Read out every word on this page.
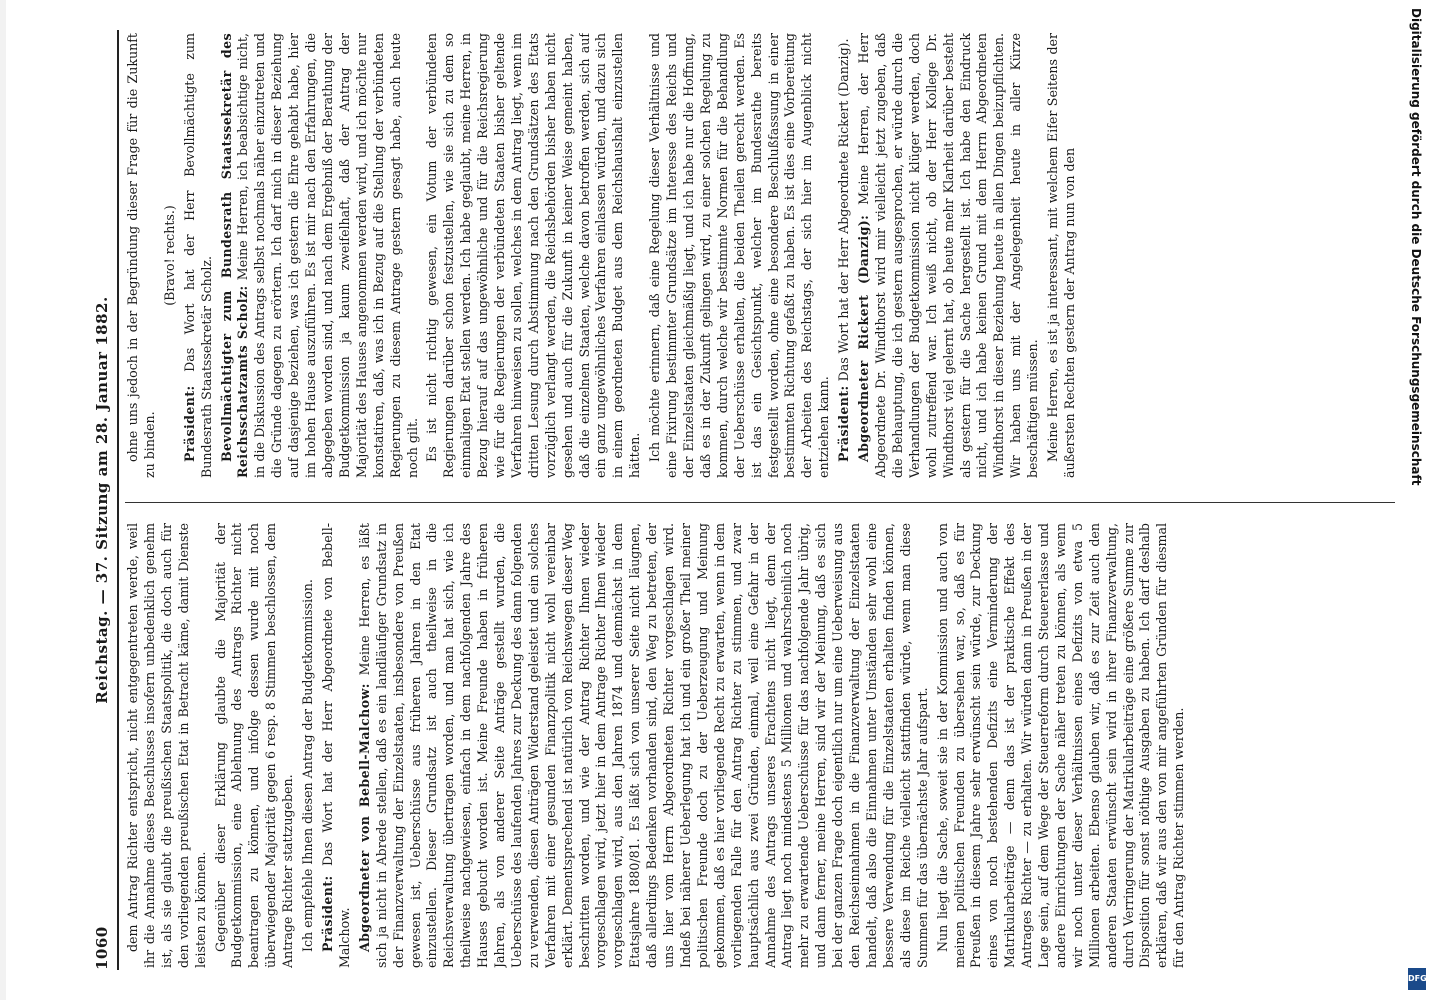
1060
Reichstag. — 37. Sitzung am 28. Januar 1882.

dem Antrag Richter entspricht, nicht entgegentreten werde, weil ihr die Annahme dieses Beschlusses insofern unbedenklich genehm ist, als sie glaubt die preußischen Staatspolitik, die doch auch für den vorliegenden preußischen Etat in Betracht käme, damit Dienste leisten zu können. Gegenüber dieser Erklärung glaubte die Majorität der Budgetkommission, eine Ablehnung des Antrags Richter nicht beantragen zu können, und infolge dessen wurde mit noch überwiegender Majorität gegen 6 resp. 8 Stimmen beschlossen, dem Antrage Richter stattzugeben. Ich empfehle Ihnen diesen Antrag der Budgetkommission. Präsident: Das Wort hat der Herr Abgeordnete von Bebell-Malchow. Abgeordneter von Bebell-Malchow: Meine Herren, es läßt sich ja nicht in Abrede stellen, daß es ein landläufiger Grundsatz in der Finanzverwaltung der Einzelstaaten, insbesondere von Preußen gewesen ist, Ueberschüsse aus früheren Jahren in den Etat einzustellen. Dieser Grundsatz ist auch theilweise in die Reichsverwaltung übertragen worden, und man hat sich, wie ich theilweise nachgewiesen, einfach in dem nachfolgenden Jahre des Hauses gebucht worden ist. Meine Freunde haben in früheren Jahren, als von anderer Seite Anträge gestellt wurden, die Ueberschüsse des laufenden Jahres zur Deckung des dann folgenden zu verwenden, diesen Anträgen Widerstand geleistet und ein solches Verfahren mit einer gesunden Finanzpolitik nicht wohl vereinbar erklärt. Dementsprechend ist natürlich von Reichswegen dieser Weg beschritten worden, und wie der Antrag Richter Ihnen wieder vorgeschlagen wird, jetzt hier in dem Antrage Richter Ihnen wieder vorgeschlagen wird, aus den Jahren 1874 und demnächst in dem Etatsjahre 1880/81. Es läßt sich von unserer Seite nicht läugnen, daß allerdings Bedenken vorhanden sind, den Weg zu betreten, der uns hier vom Herrn Abgeordneten Richter vorgeschlagen wird. Indeß bei näherer Ueberlegung hat ich und ein großer Theil meiner politischen Freunde doch zu der Ueberzeugung und Meinung gekommen, daß es hier vorliegende Recht zu erwarten, wenn in dem vorliegenden Falle für den Antrag Richter zu stimmen, und zwar hauptsächlich aus zwei Gründen, einmal, weil eine Gefahr in der Annahme des Antrags unseres Erachtens nicht liegt, denn der Antrag liegt noch mindestens 5 Millionen und wahrscheinlich noch mehr zu erwartende Ueberschüsse für das nachfolgende Jahr übrig, und dann ferner, meine Herren, sind wir der Meinung, daß es sich bei der ganzen Frage doch eigentlich nur um eine Ueberweisung aus den Reichseinnahmen in die Finanzverwaltung der Einzelstaaten handelt, daß also die Einnahmen unter Umständen sehr wohl eine bessere Verwendung für die Einzelstaaten erhalten finden können, als diese im Reiche vielleicht stattfinden würde, wenn man diese Summen für das übernächste Jahr aufspart. Nun liegt die Sache, soweit sie in der Kommission und auch von meinen politischen Freunden zu übersehen war, so, daß es für Preußen in diesem Jahre sehr erwünscht sein würde, zur Deckung eines von noch bestehenden Defizits eine Verminderung der Matrikularbeiträge — denn das ist der praktische Effekt des Antrages Richter — zu erhalten. Wir würden dann in Preußen in der Lage sein, auf dem Wege der Steuerreform durch Steuererlasse und andere Einrichtungen der Sache näher treten zu können, als wenn wir noch unter dieser Verhältnissen eines Defizits von etwa 5 Millionen arbeiten. Ebenso glauben wir, daß es zur Zeit auch den anderen Staaten erwünscht sein wird in ihrer Finanzverwaltung, durch Verringerung der Matrikularbeiträge eine größere Summe zur Disposition für sonst nöthige Ausgaben zu haben. Ich darf deshalb erklären, daß wir aus den von mir angeführten Gründen für diesmal für den Antrag Richter stimmen werden.

ohne uns jedoch in der Begründung dieser Frage für die Zukunft zu binden.

(Bravo! rechts.)

Präsident: Das Wort hat der Herr Bevollmächtigte zum Bundesrath Staatssekretär Scholz. Bevollmächtigter zum Bundesrath Staatssekretär des Reichsschatzamts Scholz: Meine Herren, ich beabsichtige nicht, in die Diskussion des Antrags selbst nochmals näher einzutreten und die Gründe dagegen zu erörtern. Ich darf mich in dieser Beziehung auf dasjenige beziehen, was ich gestern die Ehre gehabt habe, hier im hohen Hause auszuführen. Es ist mir nach den Erfahrungen, die abgegeben worden sind, und nach dem Ergebniß der Berathung der Budgetkommission ja kaum zweifelhaft, daß der Antrag der Majorität des Hauses angenommen werden wird, und ich möchte nur konstatiren, daß, was ich in Bezug auf die Stellung der verbündeten Regierungen zu diesem Antrage gestern gesagt habe, auch heute noch gilt. Es ist nicht richtig gewesen, ein Votum der verbündeten Regierungen darüber schon festzustellen, wie sie sich zu dem so einmaligen Etat stellen werden. Ich habe geglaubt, meine Herren, in Bezug hierauf auf das ungewöhnliche und für die Reichsregierung wie für die Regierungen der verbündeten Staaten bisher geltende Verfahren hinweisen zu sollen, welches in dem Antrag liegt, wenn im dritten Lesung durch Abstimmung nach den Grundsätzen des Etats vorzüglich verlangt werden, die Reichsbehörden bisher haben nicht gesehen und auch für die Zukunft in keiner Weise gemeint haben, daß die einzelnen Staaten, welche davon betroffen werden, sich auf ein ganz ungewöhnliches Verfahren einlassen würden, und dazu sich in einem geordneten Budget aus dem Reichshaushalt einzustellen hätten. Ich möchte erinnern, daß eine Regelung dieser Verhältnisse und eine Fixirung bestimmter Grundsätze im Interesse des Reichs und der Einzelstaaten gleichmäßig liegt, und ich habe nur die Hoffnung, daß es in der Zukunft gelingen wird, zu einer solchen Regelung zu kommen, durch welche wir bestimmte Normen für die Behandlung der Ueberschüsse erhalten, die beiden Theilen gerecht werden. Es ist das ein Gesichtspunkt, welcher im Bundesrathe bereits festgestellt worden, ohne eine besondere Beschlußfassung in einer bestimmten Richtung gefaßt zu haben. Es ist dies eine Vorbereitung der Arbeiten des Reichstags, der sich hier im Augenblick nicht entziehen kann. Präsident: Das Wort hat der Herr Abgeordnete Rickert (Danzig). Abgeordneter Rickert (Danzig): Meine Herren, der Herr Abgeordnete Dr. Windthorst wird mir vielleicht jetzt zugeben, daß die Behauptung, die ich gestern ausgesprochen, er würde durch die Verhandlungen der Budgetkommission nicht klüger werden, doch wohl zutreffend war. Ich weiß nicht, ob der Herr Kollege Dr. Windthorst viel gelernt hat, ob heute mehr Klarheit darüber besteht als gestern für die Sache hergestellt ist. Ich habe den Eindruck nicht, und ich habe keinen Grund mit dem Herrn Abgeordneten Windthorst in dieser Beziehung heute in allen Dingen beizupflichten. Wir haben uns mit der Angelegenheit heute in aller Kürze beschäftigen müssen. Meine Herren, es ist ja interessant, mit welchem Eifer Seitens der äußersten Rechten gestern der Antrag nun von den	Digitalisierung gefördert durch die Deutsche Forschungsgemeinschaft
DFG
